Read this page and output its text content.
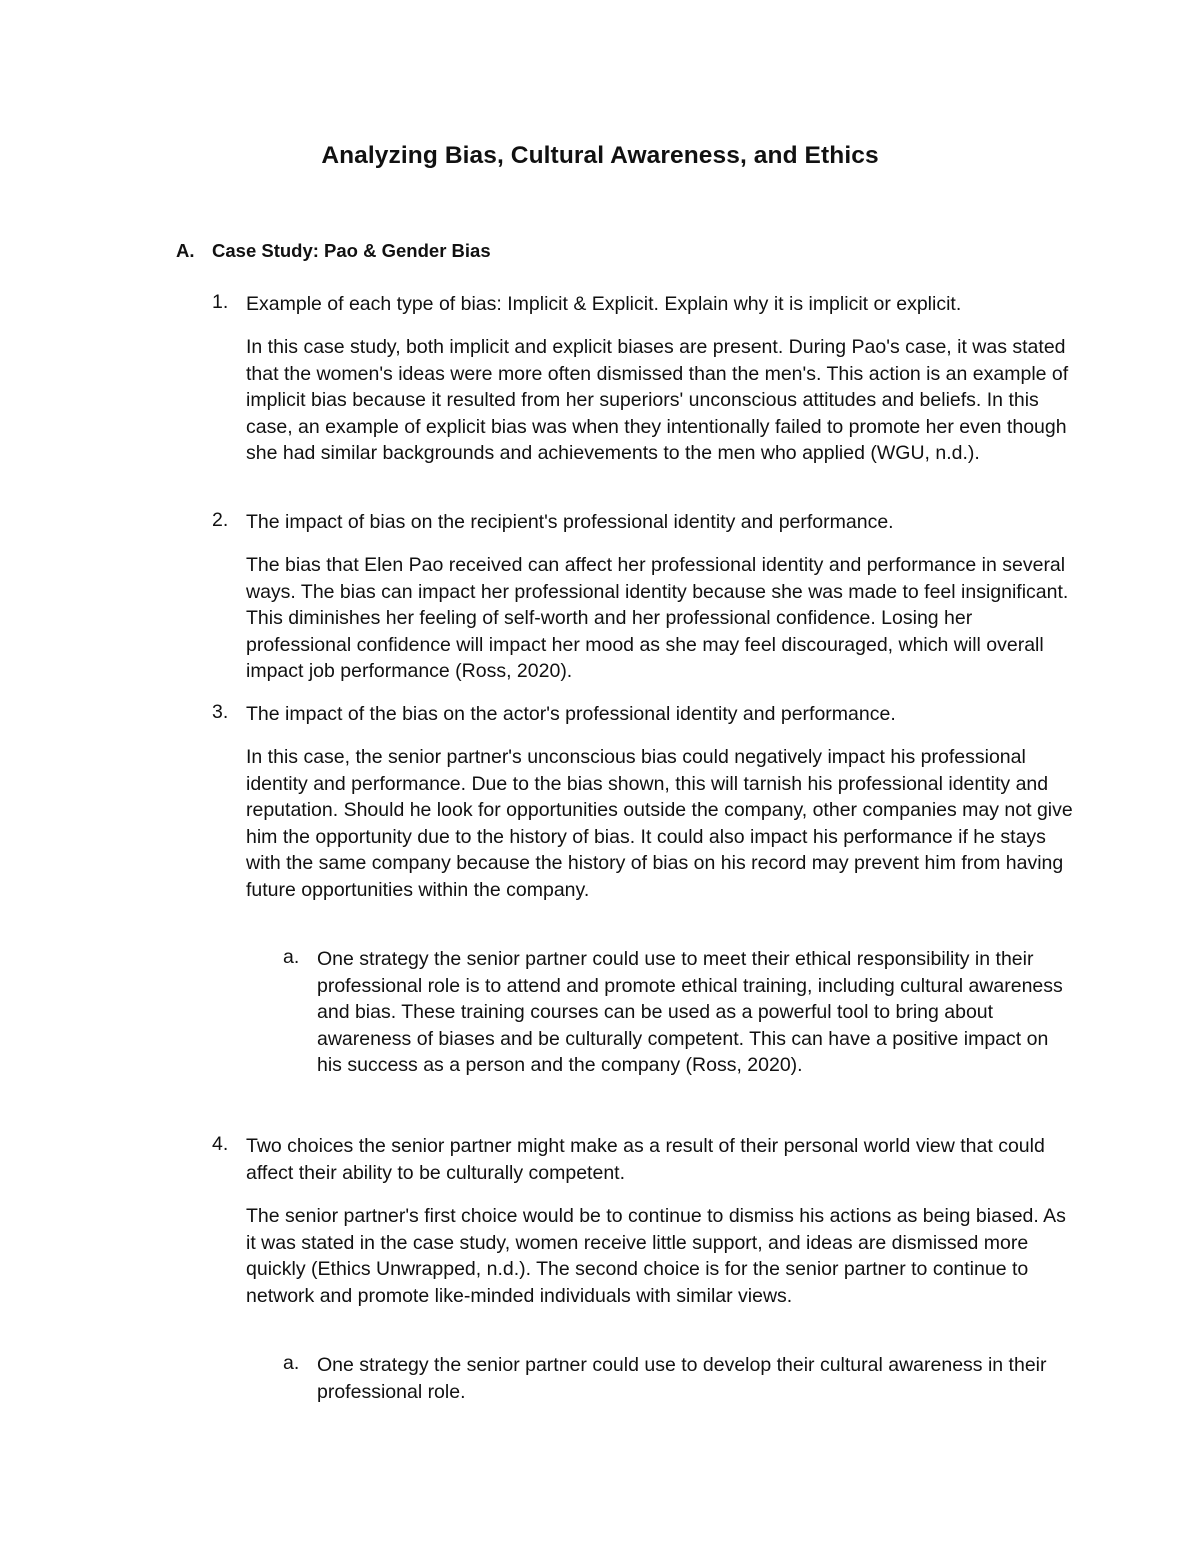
Analyzing Bias, Cultural Awareness, and Ethics
A. Case Study: Pao & Gender Bias
1. Example of each type of bias: Implicit & Explicit. Explain why it is implicit or explicit.
In this case study, both implicit and explicit biases are present. During Pao's case, it was stated that the women's ideas were more often dismissed than the men's. This action is an example of implicit bias because it resulted from her superiors' unconscious attitudes and beliefs. In this case, an example of explicit bias was when they intentionally failed to promote her even though she had similar backgrounds and achievements to the men who applied (WGU, n.d.).
2. The impact of bias on the recipient's professional identity and performance.
The bias that Elen Pao received can affect her professional identity and performance in several ways. The bias can impact her professional identity because she was made to feel insignificant. This diminishes her feeling of self-worth and her professional confidence. Losing her professional confidence will impact her mood as she may feel discouraged, which will overall impact job performance (Ross, 2020).
3. The impact of the bias on the actor's professional identity and performance.
In this case, the senior partner's unconscious bias could negatively impact his professional identity and performance. Due to the bias shown, this will tarnish his professional identity and reputation. Should he look for opportunities outside the company, other companies may not give him the opportunity due to the history of bias. It could also impact his performance if he stays with the same company because the history of bias on his record may prevent him from having future opportunities within the company.
a. One strategy the senior partner could use to meet their ethical responsibility in their professional role is to attend and promote ethical training, including cultural awareness and bias. These training courses can be used as a powerful tool to bring about awareness of biases and be culturally competent. This can have a positive impact on his success as a person and the company (Ross, 2020).
4. Two choices the senior partner might make as a result of their personal world view that could affect their ability to be culturally competent.
The senior partner's first choice would be to continue to dismiss his actions as being biased. As it was stated in the case study, women receive little support, and ideas are dismissed more quickly (Ethics Unwrapped, n.d.). The second choice is for the senior partner to continue to network and promote like-minded individuals with similar views.
a. One strategy the senior partner could use to develop their cultural awareness in their professional role.
